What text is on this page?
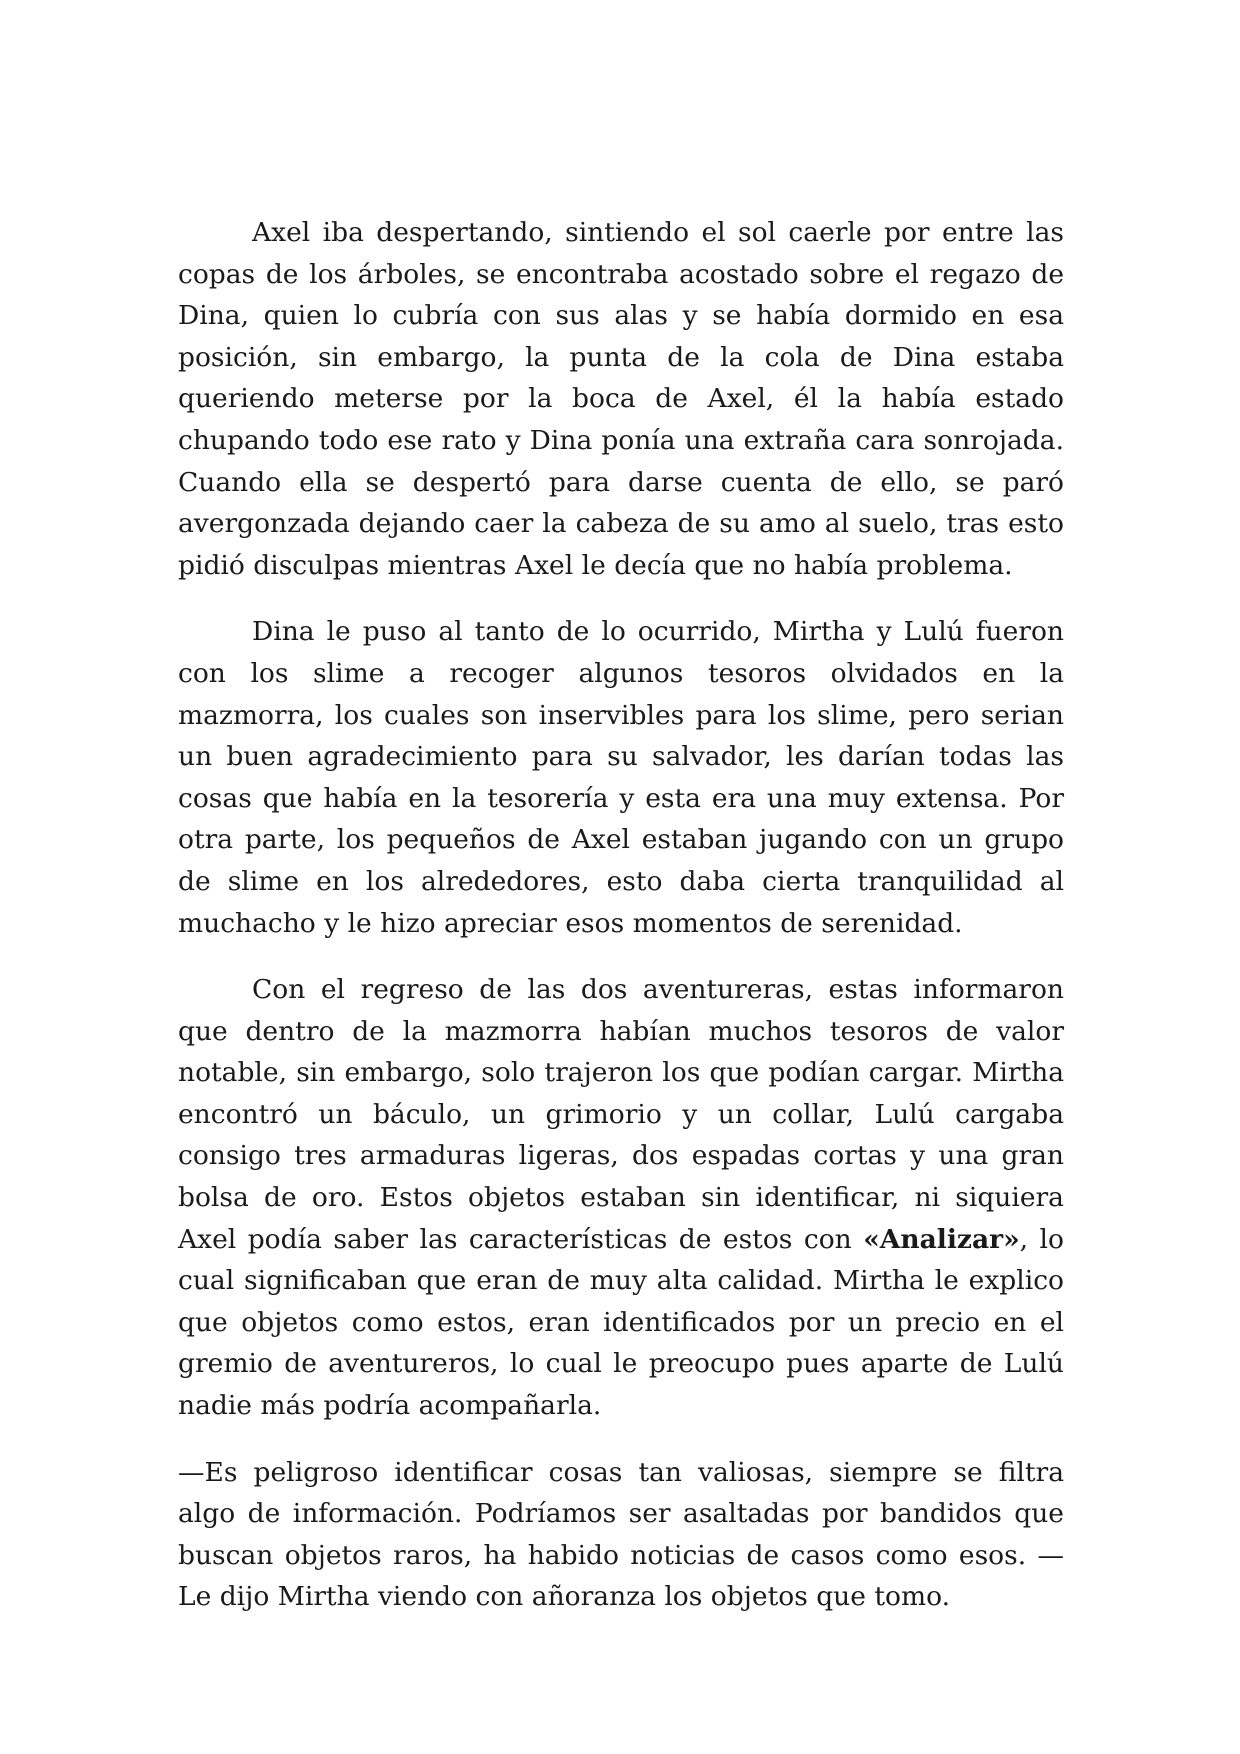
Axel iba despertando, sintiendo el sol caerle por entre las copas de los árboles, se encontraba acostado sobre el regazo de Dina, quien lo cubría con sus alas y se había dormido en esa posición, sin embargo, la punta de la cola de Dina estaba queriendo meterse por la boca de Axel, él la había estado chupando todo ese rato y Dina ponía una extraña cara sonrojada. Cuando ella se despertó para darse cuenta de ello, se paró avergonzada dejando caer la cabeza de su amo al suelo, tras esto pidió disculpas mientras Axel le decía que no había problema.

Dina le puso al tanto de lo ocurrido, Mirtha y Lulú fueron con los slime a recoger algunos tesoros olvidados en la mazmorra, los cuales son inservibles para los slime, pero serian un buen agradecimiento para su salvador, les darían todas las cosas que había en la tesorería y esta era una muy extensa. Por otra parte, los pequeños de Axel estaban jugando con un grupo de slime en los alrededores, esto daba cierta tranquilidad al muchacho y le hizo apreciar esos momentos de serenidad.

Con el regreso de las dos aventureras, estas informaron que dentro de la mazmorra habían muchos tesoros de valor notable, sin embargo, solo trajeron los que podían cargar. Mirtha encontró un báculo, un grimorio y un collar, Lulú cargaba consigo tres armaduras ligeras, dos espadas cortas y una gran bolsa de oro. Estos objetos estaban sin identificar, ni siquiera Axel podía saber las características de estos con «Analizar», lo cual significaban que eran de muy alta calidad. Mirtha le explico que objetos como estos, eran identificados por un precio en el gremio de aventureros, lo cual le preocupo pues aparte de Lulú nadie más podría acompañarla.

—Es peligroso identificar cosas tan valiosas, siempre se filtra algo de información. Podríamos ser asaltadas por bandidos que buscan objetos raros, ha habido noticias de casos como esos. —Le dijo Mirtha viendo con añoranza los objetos que tomo.
